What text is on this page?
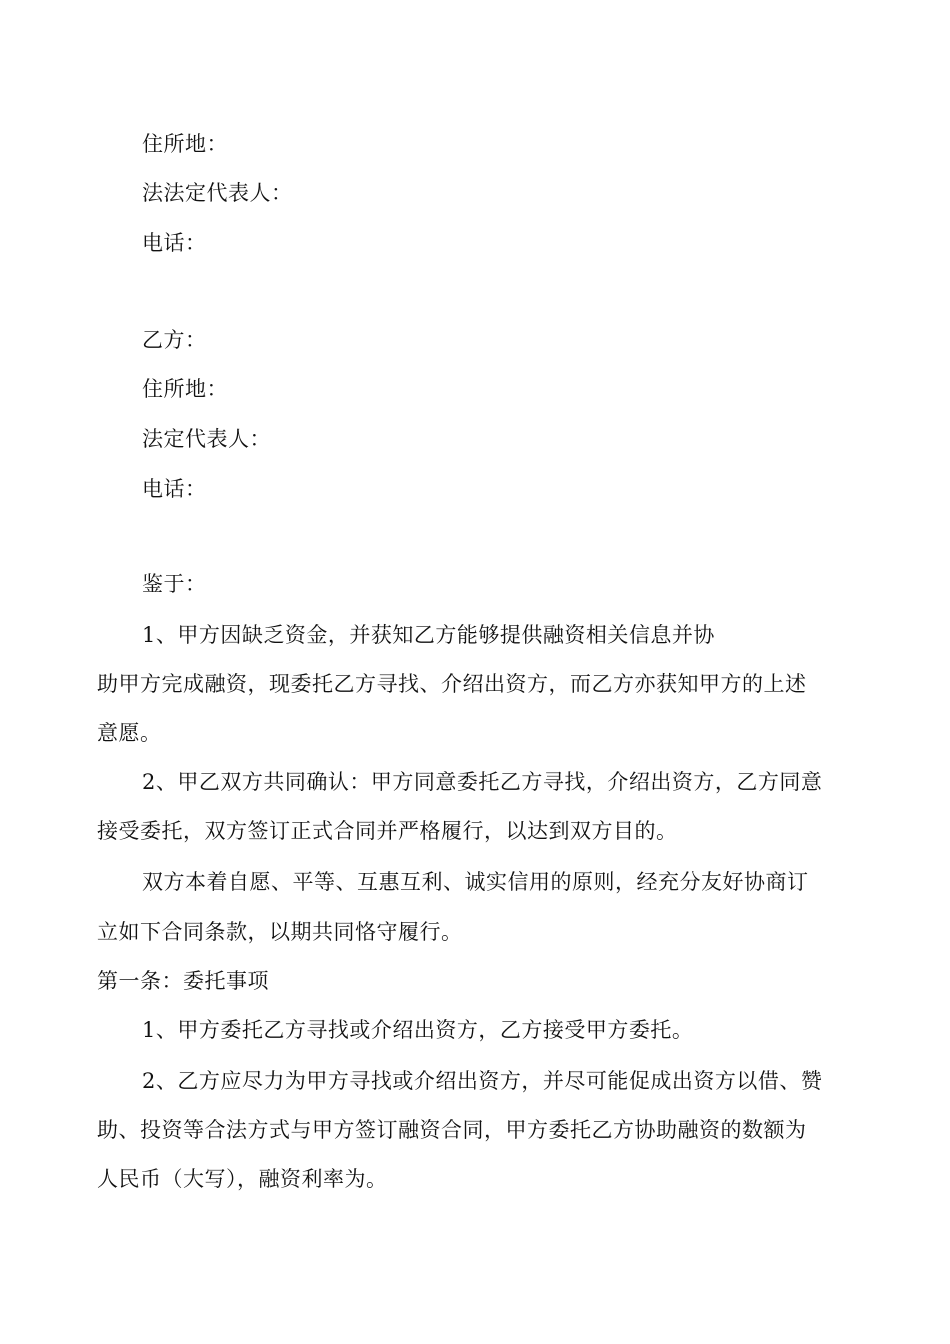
住所地：
法法定代表人：
电话：
乙方：
住所地：
法定代表人：
电话：
鉴于：
1、甲方因缺乏资金，并获知乙方能够提供融资相关信息并协
助甲方完成融资，现委托乙方寻找、介绍出资方，而乙方亦获知甲方的上述
意愿。
2、甲乙双方共同确认：甲方同意委托乙方寻找，介绍出资方，乙方同意
接受委托，双方签订正式合同并严格履行，以达到双方目的。
双方本着自愿、平等、互惠互利、诚实信用的原则，经充分友好协商订
立如下合同条款，以期共同恪守履行。
第一条：委托事项
1、甲方委托乙方寻找或介绍出资方，乙方接受甲方委托。
2、乙方应尽力为甲方寻找或介绍出资方，并尽可能促成出资方以借、赞
助、投资等合法方式与甲方签订融资合同，甲方委托乙方协助融资的数额为
人民币（大写），融资利率为。
